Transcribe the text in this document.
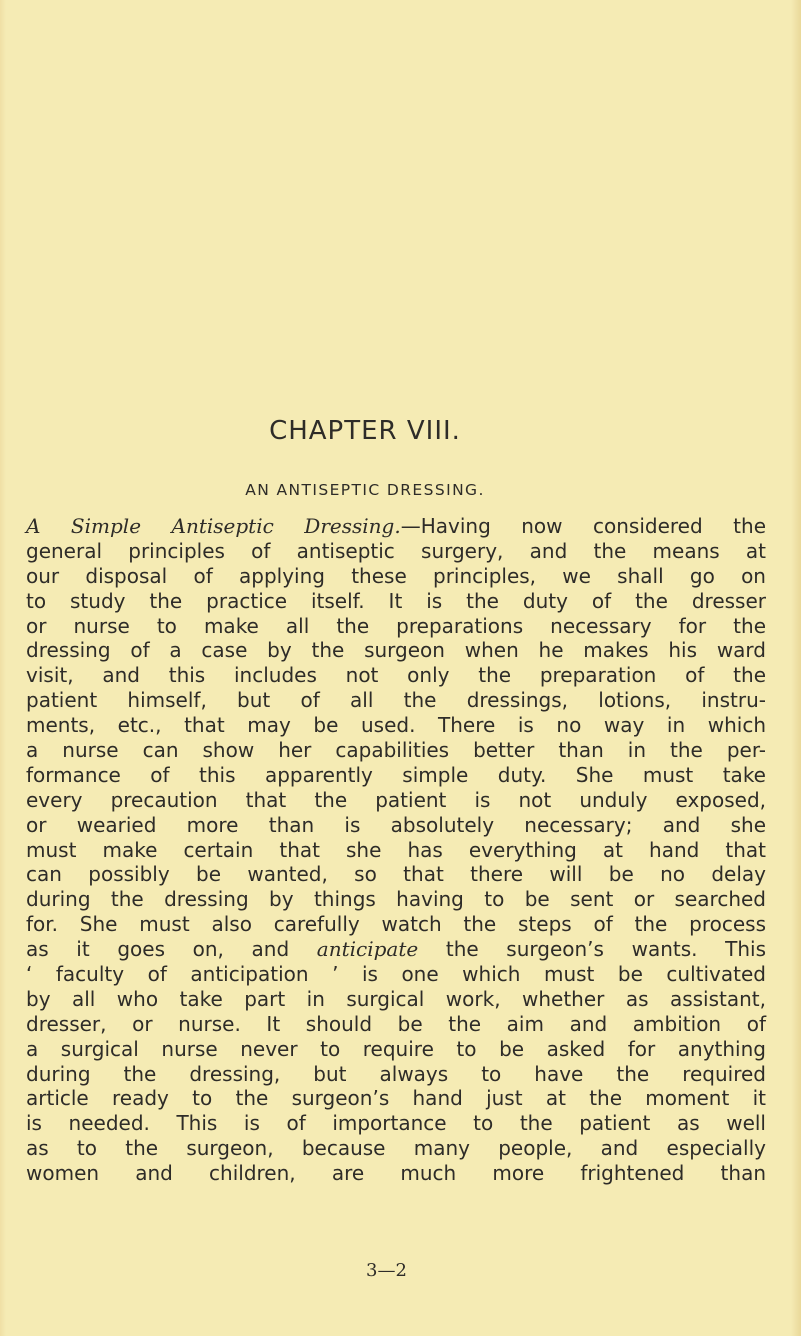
CHAPTER VIII.
AN ANTISEPTIC DRESSING.
A Simple Antiseptic Dressing.—Having now considered the
general principles of antiseptic surgery, and the means at
our disposal of applying these principles, we shall go on
to study the practice itself. It is the duty of the dresser
or nurse to make all the preparations necessary for the
dressing of a case by the surgeon when he makes his ward
visit, and this includes not only the preparation of the
patient himself, but of all the dressings, lotions, instru-
ments, etc., that may be used. There is no way in which
a nurse can show her capabilities better than in the per-
formance of this apparently simple duty. She must take
every precaution that the patient is not unduly exposed,
or wearied more than is absolutely necessary; and she
must make certain that she has everything at hand that
can possibly be wanted, so that there will be no delay
during the dressing by things having to be sent or searched
for. She must also carefully watch the steps of the process
as it goes on, and anticipate the surgeon’s wants. This
‘ faculty of anticipation ’ is one which must be cultivated
by all who take part in surgical work, whether as assistant,
dresser, or nurse. It should be the aim and ambition of
a surgical nurse never to require to be asked for anything
during the dressing, but always to have the required
article ready to the surgeon’s hand just at the moment it
is needed. This is of importance to the patient as well
as to the surgeon, because many people, and especially
women and children, are much more frightened than
3—2
